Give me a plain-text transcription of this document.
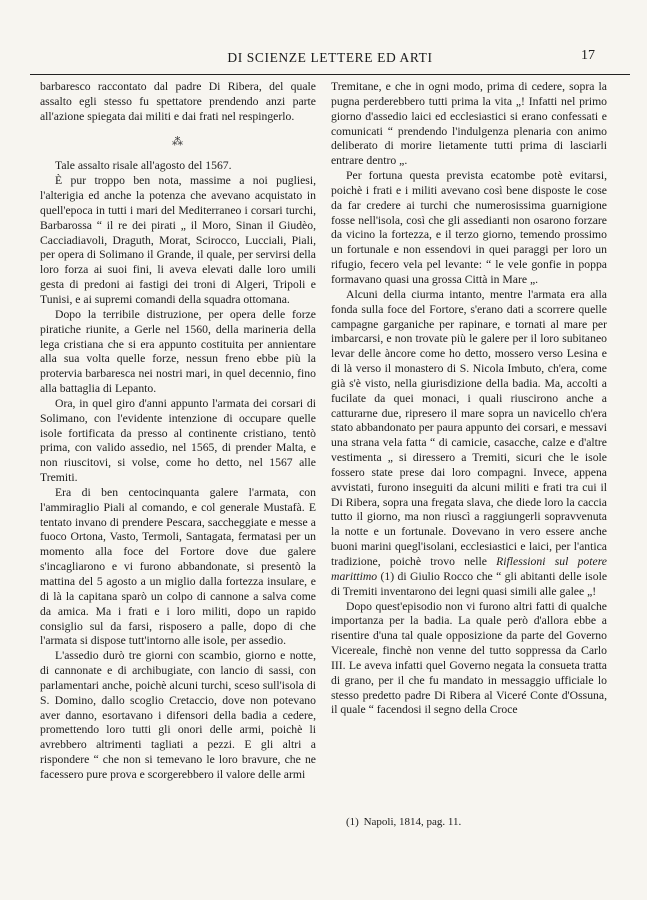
DI SCIENZE LETTERE ED ARTI	17

barbaresco raccontato dal padre Di Ribera, del quale assalto egli stesso fu spettatore prendendo anzi parte all'azione spiegata dai militi e dai frati nel respingerlo.

⁂

Tale assalto risale all'agosto del 1567.

È pur troppo ben nota, massime a noi pugliesi, l'alterigia ed anche la potenza che avevano acquistato in quell'epoca in tutti i mari del Mediterraneo i corsari turchi, Barbarossa “ il re dei pirati „ il Moro, Sinan il Giudèo, Cacciadiavoli, Draguth, Morat, Scirocco, Lucciali, Piali, per opera di Solimano il Grande, il quale, per servirsi della loro forza ai suoi fini, li aveva elevati dalle loro umili gesta di predoni ai fastigi dei troni di Algeri, Tripoli e Tunisi, e ai supremi comandi della squadra ottomana.

Dopo la terribile distruzione, per opera delle forze piratiche riunite, a Gerle nel 1560, della marineria della lega cristiana che si era appunto costituita per annientare alla sua volta quelle forze, nessun freno ebbe più la protervia barbaresca nei nostri mari, in quel decennio, fino alla battaglia di Lepanto.

Ora, in quel giro d'anni appunto l'armata dei corsari di Solimano, con l'evidente intenzione di occupare quelle isole fortificata da presso al continente cristiano, tentò prima, con valido assedio, nel 1565, di prender Malta, e non riuscitovi, si volse, come ho detto, nel 1567 alle Tremiti.

Era di ben centocinquanta galere l'armata, con l'ammiraglio Piali al comando, e col generale Mustafà. E tentato invano di prendere Pescara, saccheggiate e messe a fuoco Ortona, Vasto, Termoli, Santagata, fermatasi per un momento alla foce del Fortore dove due galere s'incagliarono e vi furono abbandonate, si presentò la mattina del 5 agosto a un miglio dalla fortezza insulare, e di là la capitana sparò un colpo di cannone a salva come da amica. Ma i frati e i loro militi, dopo un rapido consiglio sul da farsi, risposero a palle, dopo di che l'armata si dispose tutt'intorno alle isole, per assedio.

L'assedio durò tre giorni con scambio, giorno e notte, di cannonate e di archibugiate, con lancio di sassi, con parlamentari anche, poichè alcuni turchi, sceso sull'isola di S. Domino, dallo scoglio Cretaccio, dove non potevano aver danno, esortavano i difensori della badia a cedere, promettendo loro tutti gli onori delle armi, poichè li avrebbero altrimenti tagliati a pezzi. E gli altri a rispondere “ che non si temevano le loro bravure, che ne facessero pure prova e scorgerebbero il valore delle armi

Tremitane, e che in ogni modo, prima di cedere, sopra la pugna perderebbero tutti prima la vita „! Infatti nel primo giorno d'assedio laici ed ecclesiastici si erano confessati e comunicati “ prendendo l'indulgenza plenaria con animo deliberato di morire lietamente tutti prima di lasciarli entrare dentro „.

Per fortuna questa prevista ecatombe potè evitarsi, poichè i frati e i militi avevano così bene disposte le cose da far credere ai turchi che numerosissima guarnigione fosse nell'isola, così che gli assedianti non osarono forzare da vicino la fortezza, e il terzo giorno, temendo prossimo un fortunale e non essendovi in quei paraggi per loro un rifugio, fecero vela pel levante: “ le vele gonfie in poppa formavano quasi una grossa Città in Mare „.

Alcuni della ciurma intanto, mentre l'armata era alla fonda sulla foce del Fortore, s'erano dati a scorrere quelle campagne garganiche per rapinare, e tornati al mare per imbarcarsi, e non trovate più le galere per il loro subitaneo levar delle àncore come ho detto, mossero verso Lesina e di là verso il monastero di S. Nicola Imbuto, ch'era, come già s'è visto, nella giurisdizione della badia. Ma, accolti a fucilate da quei monaci, i quali riuscirono anche a catturarne due, ripresero il mare sopra un navicello ch'era stato abbandonato per paura appunto dei corsari, e messavi una strana vela fatta “ di camicie, casacche, calze e d'altre vestimenta „ si diressero a Tremiti, sicuri che le isole fossero state prese dai loro compagni. Invece, appena avvistati, furono inseguiti da alcuni militi e frati tra cui il Di Ribera, sopra una fregata slava, che diede loro la caccia tutto il giorno, ma non riuscì a raggiungerli sopravvenuta la notte e un fortunale. Dovevano in vero essere anche buoni marini quegl'isolani, ecclesiastici e laici, per l'antica tradizione, poichè trovo nelle Riflessioni sul potere marittimo (1) di Giulio Rocco che “ gli abitanti delle isole di Tremiti inventarono dei legni quasi simili alle galee „!

Dopo quest'episodio non vi furono altri fatti di qualche importanza per la badia. La quale però d'allora ebbe a risentire d'una tal quale opposizione da parte del Governo Vicereale, finchè non venne del tutto soppressa da Carlo III. Le aveva infatti quel Governo negata la consueta tratta di grano, per il che fu mandato in messaggio ufficiale lo stesso predetto padre Di Ribera al Viceré Conte d'Ossuna, il quale “ facendosi il segno della Croce

(1) Napoli, 1814, pag. 11.
